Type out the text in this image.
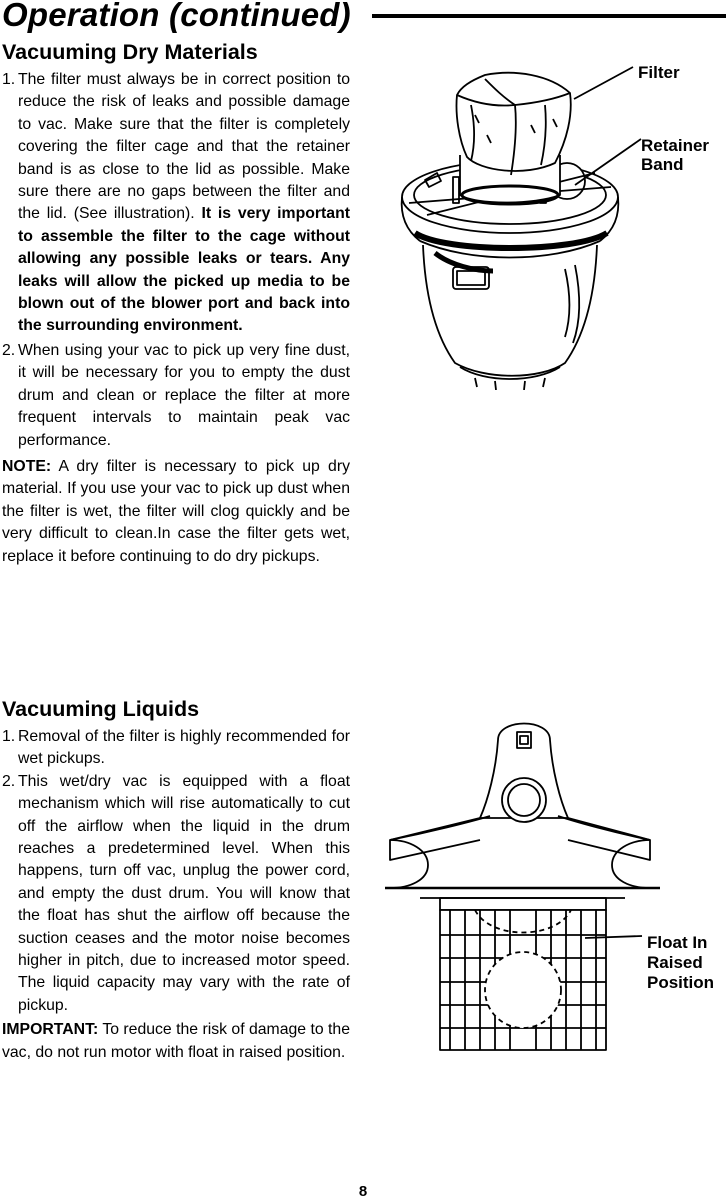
Operation (continued)
Vacuuming Dry Materials
1. The filter must always be in correct position to reduce the risk of leaks and possible damage to vac. Make sure that the filter is completely covering the filter cage and that the retainer band is as close to the lid as possible. Make sure there are no gaps between the filter and the lid. (See illustration). It is very important to assemble the filter to the cage without allowing any possible leaks or tears. Any leaks will allow the picked up media to be blown out of the blower port and back into the surrounding environment.
2. When using your vac to pick up very fine dust, it will be necessary for you to empty the dust drum and clean or replace the filter at more frequent intervals to maintain peak vac performance.

NOTE: A dry filter is necessary to pick up dry material. If you use your vac to pick up dust when the filter is wet, the filter will clog quickly and be very difficult to clean.In case the filter gets wet, replace it before continuing to do dry pickups.

Vacuuming Liquids
1. Removal of the filter is highly recommended for wet pickups.
2. This wet/dry vac is equipped with a float mechanism which will rise automatically to cut off the airflow when the liquid in the drum reaches a predetermined level. When this happens, turn off vac, unplug the power cord, and empty the dust drum. You will know that the float has shut the airflow off because the suction ceases and the motor noise becomes higher in pitch, due to increased motor speed. The liquid capacity may vary with the rate of pickup.

IMPORTANT: To reduce the risk of damage to the vac, do not run motor with float in raised position.

Filter
Retainer
Band
Float In
Raised
Position
8
